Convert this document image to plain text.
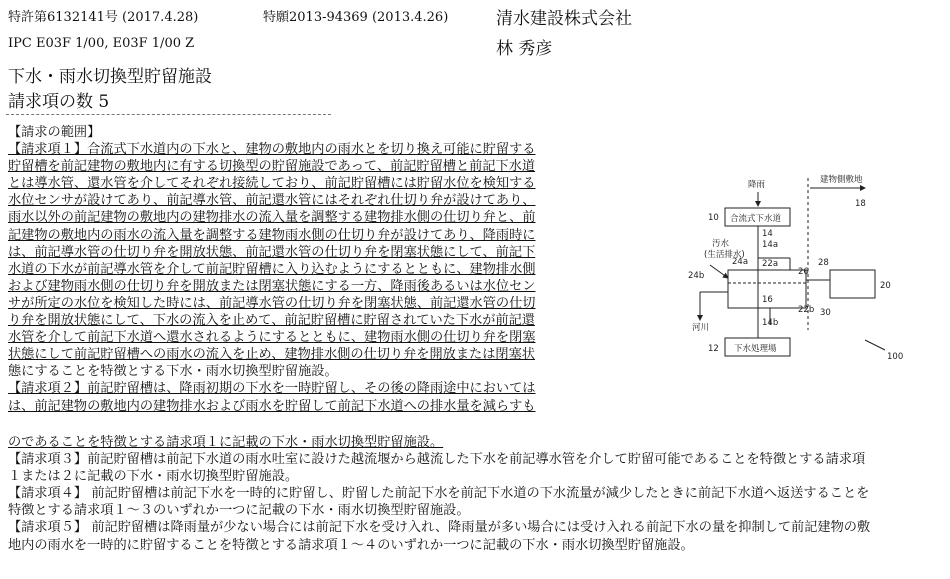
特許第6132141号 (2017.4.28)	特願2013-94369 (2013.4.26)	清水建設株式会社
IPC E03F 1/00, E03F 1/00 Z	林 秀彦
下水・雨水切換型貯留施設
請求項の数 5
【請求の範囲】
【請求項１】合流式下水道内の下水と、建物の敷地内の雨水とを切り換え可能に貯留する
貯留槽を前記建物の敷地内に有する切換型の貯留施設であって、前記貯留槽と前記下水道
とは導水管、還水管を介してそれぞれ接続しており、前記貯留槽には貯留水位を検知する
水位センサが設けてあり、前記導水管、前記還水管にはそれぞれ仕切り弁が設けてあり、
雨水以外の前記建物の敷地内の建物排水の流入量を調整する建物排水側の仕切り弁と、前
記建物の敷地内の雨水の流入量を調整する建物雨水側の仕切り弁が設けてあり、降雨時に
は、前記導水管の仕切り弁を開放状態、前記還水管の仕切り弁を閉塞状態にして、前記下
水道の下水が前記導水管を介して前記貯留槽に入り込むようにするとともに、建物排水側
および建物雨水側の仕切り弁を開放または閉塞状態にする一方、降雨後あるいは水位セン
サが所定の水位を検知した時には、前記導水管の仕切り弁を閉塞状態、前記還水管の仕切
り弁を開放状態にして、下水の流入を止めて、前記貯留槽に貯留されていた下水が前記還
水管を介して前記下水道へ還水されるようにするとともに、建物雨水側の仕切り弁を閉塞
状態にして前記貯留槽への雨水の流入を止め、建物排水側の仕切り弁を開放または閉塞状
態にすることを特徴とする下水・雨水切換型貯留施設。
【請求項２】前記貯留槽は、降雨初期の下水を一時貯留し、その後の降雨途中においては
は、前記建物の敷地内の建物排水および雨水を貯留して前記下水道への排水量を減らすも
のであることを特徴とする請求項１に記載の下水・雨水切換型貯留施設。
【請求項３】前記貯留槽は前記下水道の雨水吐室に設けた越流堰から越流した下水を前記導水管を介して貯留可能であることを特徴とする請求項
１または２に記載の下水・雨水切換型貯留施設。
【請求項４】 前記貯留槽は前記下水を一時的に貯留し、貯留した前記下水を前記下水道の下水流量が減少したときに前記下水道へ返送することを
特徴とする請求項１～３のいずれか一つに記載の下水・雨水切換型貯留施設。
【請求項５】 前記貯留槽は降雨量が少ない場合には前記下水を受け入れ、降雨量が多い場合には受け入れる前記下水の量を抑制して前記建物の敷
地内の雨水を一時的に貯留することを特徴とする請求項１～４のいずれか一つに記載の下水・雨水切換型貯留施設。
降雨	建物側敷地
18
10 合流式下水道
14
14a
汚水
(生活排水)
24a 22a
26
28
24b
16
20
22b 30
河川	14b
12 下水処理場
100
